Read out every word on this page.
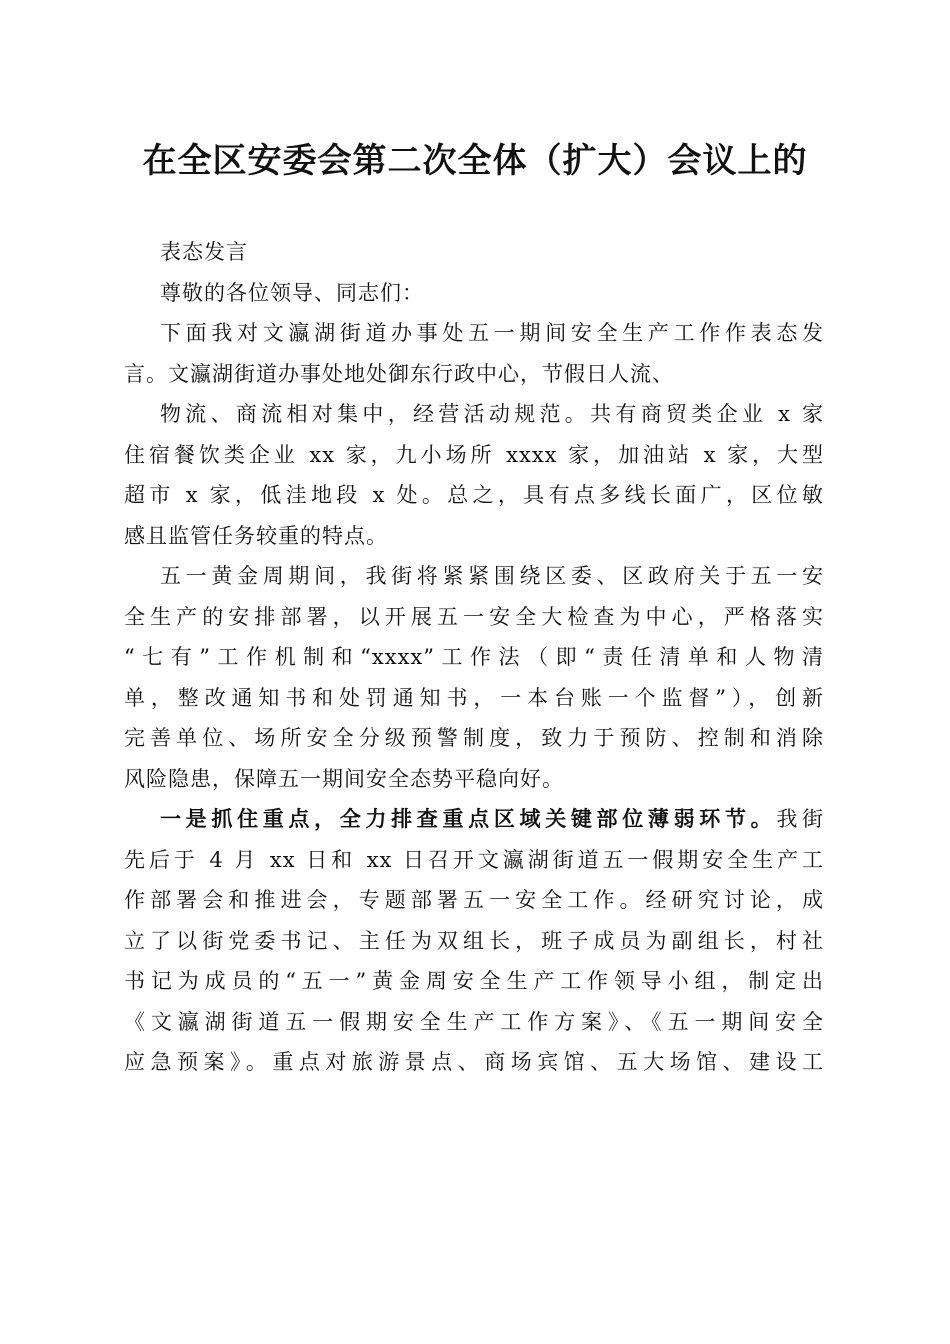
在全区安委会第二次全体（扩大）会议上的
表态发言
尊敬的各位领导、同志们：
下面我对文瀛湖街道办事处五一期间安全生产工作作表态发
言。文瀛湖街道办事处地处御东行政中心，节假日人流、
物流、商流相对集中，经营活动规范。共有商贸类企业 x 家
住宿餐饮类企业 xx 家，九小场所 xxxx 家，加油站 x 家，大型
超市 x 家，低洼地段 x 处。总之，具有点多线长面广，区位敏
感且监管任务较重的特点。
五一黄金周期间，我街将紧紧围绕区委、区政府关于五一安
全生产的安排部署，以开展五一安全大检查为中心，严格落实
“七有”工作机制和“xxxx”工作法（即“责任清单和人物清
单，整改通知书和处罚通知书，一本台账一个监督”），创新
完善单位、场所安全分级预警制度，致力于预防、控制和消除
风险隐患，保障五一期间安全态势平稳向好。
一是抓住重点，全力排查重点区域关键部位薄弱环节。我街
先后于 4 月 xx 日和 xx 日召开文瀛湖街道五一假期安全生产工
作部署会和推进会，专题部署五一安全工作。经研究讨论，成
立了以街党委书记、主任为双组长，班子成员为副组长，村社
书记为成员的“五一”黄金周安全生产工作领导小组，制定出
《文瀛湖街道五一假期安全生产工作方案》、《五一期间安全
应急预案》。重点对旅游景点、商场宾馆、五大场馆、建设工
